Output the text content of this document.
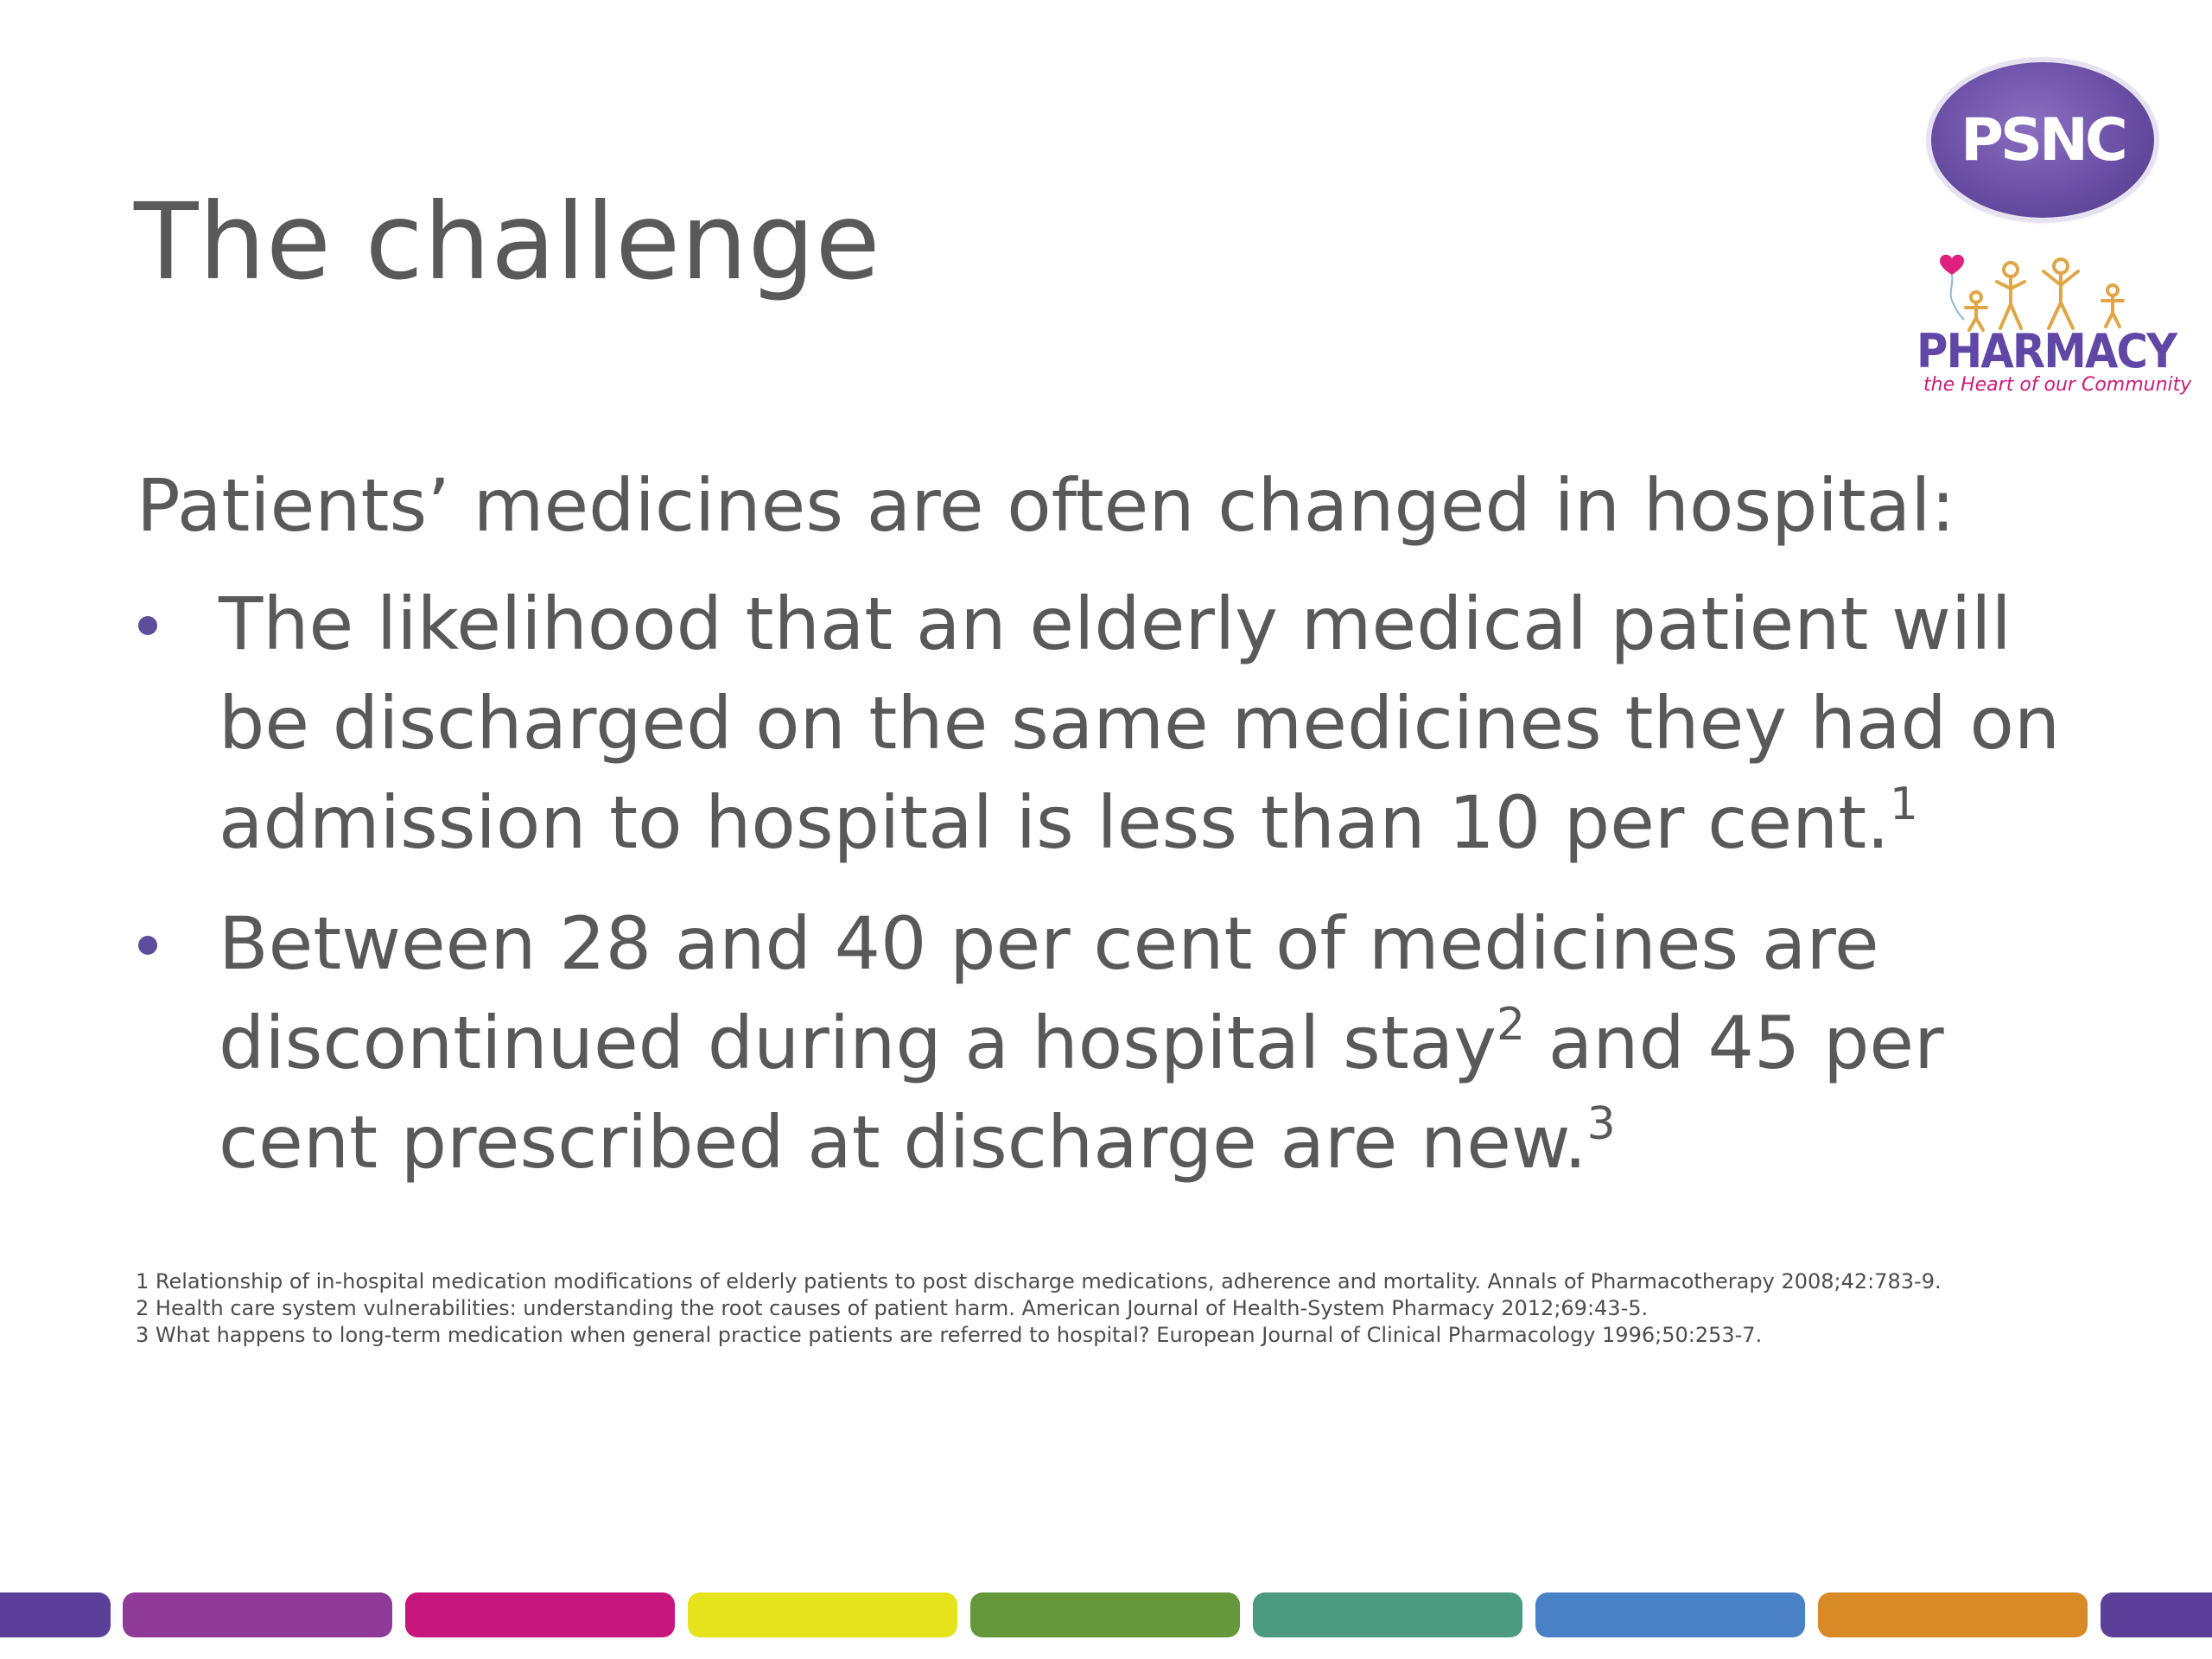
The challenge
Patients’ medicines are often changed in hospital:
The likelihood that an elderly medical patient will
be discharged on the same medicines they had on
admission to hospital is less than 10 per cent.$^1$
Between 28 and 40 per cent of medicines are
discontinued during a hospital stay$^2$ and 45 per
cent prescribed at discharge are new.$^3$
1 Relationship of in-hospital medication modifications of elderly patients to post discharge medications, adherence and mortality. Annals of Pharmacotherapy 2008;42:783-9.
2 Health care system vulnerabilities: understanding the root causes of patient harm. American Journal of Health-System Pharmacy 2012;69:43-5.
3 What happens to long-term medication when general practice patients are referred to hospital? European Journal of Clinical Pharmacology 1996;50:253-7.
PSNC
PHARMACY
the Heart of our Community
